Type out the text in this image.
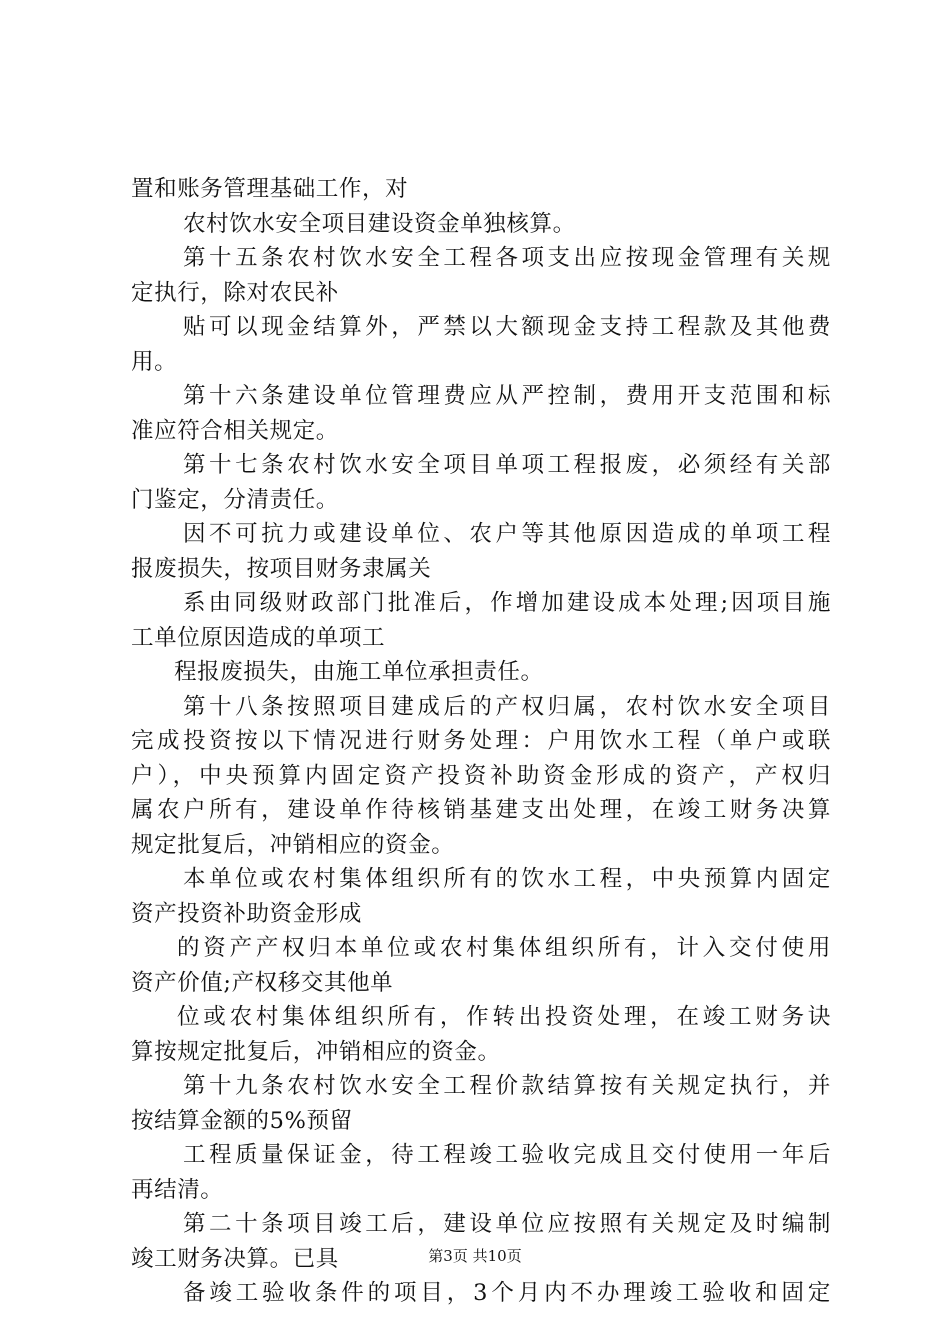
置和账务管理基础工作，对
农村饮水安全项目建设资金单独核算。
第十五条农村饮水安全工程各项支出应按现金管理有关规
定执行，除对农民补
贴可以现金结算外，严禁以大额现金支持工程款及其他费
用。
第十六条建设单位管理费应从严控制，费用开支范围和标
准应符合相关规定。
第十七条农村饮水安全项目单项工程报废，必须经有关部
门鉴定，分清责任。
因不可抗力或建设单位、农户等其他原因造成的单项工程
报废损失，按项目财务隶属关
系由同级财政部门批准后，作增加建设成本处理;因项目施
工单位原因造成的单项工
程报废损失，由施工单位承担责任。
第十八条按照项目建成后的产权归属，农村饮水安全项目
完成投资按以下情况进行财务处理：户用饮水工程（单户或联
户），中央预算内固定资产投资补助资金形成的资产，产权归
属农户所有，建设单作待核销基建支出处理，在竣工财务决算
规定批复后，冲销相应的资金。
本单位或农村集体组织所有的饮水工程，中央预算内固定
资产投资补助资金形成
的资产产权归本单位或农村集体组织所有，计入交付使用
资产价值;产权移交其他单
位或农村集体组织所有，作转出投资处理，在竣工财务诀
算按规定批复后，冲销相应的资金。
第十九条农村饮水安全工程价款结算按有关规定执行，并
按结算金额的5%预留
工程质量保证金，待工程竣工验收完成且交付使用一年后
再结清。
第二十条项目竣工后，建设单位应按照有关规定及时编制
竣工财务决算。已具
备竣工验收条件的项目，3个月内不办理竣工验收和固定
第3页 共10页
